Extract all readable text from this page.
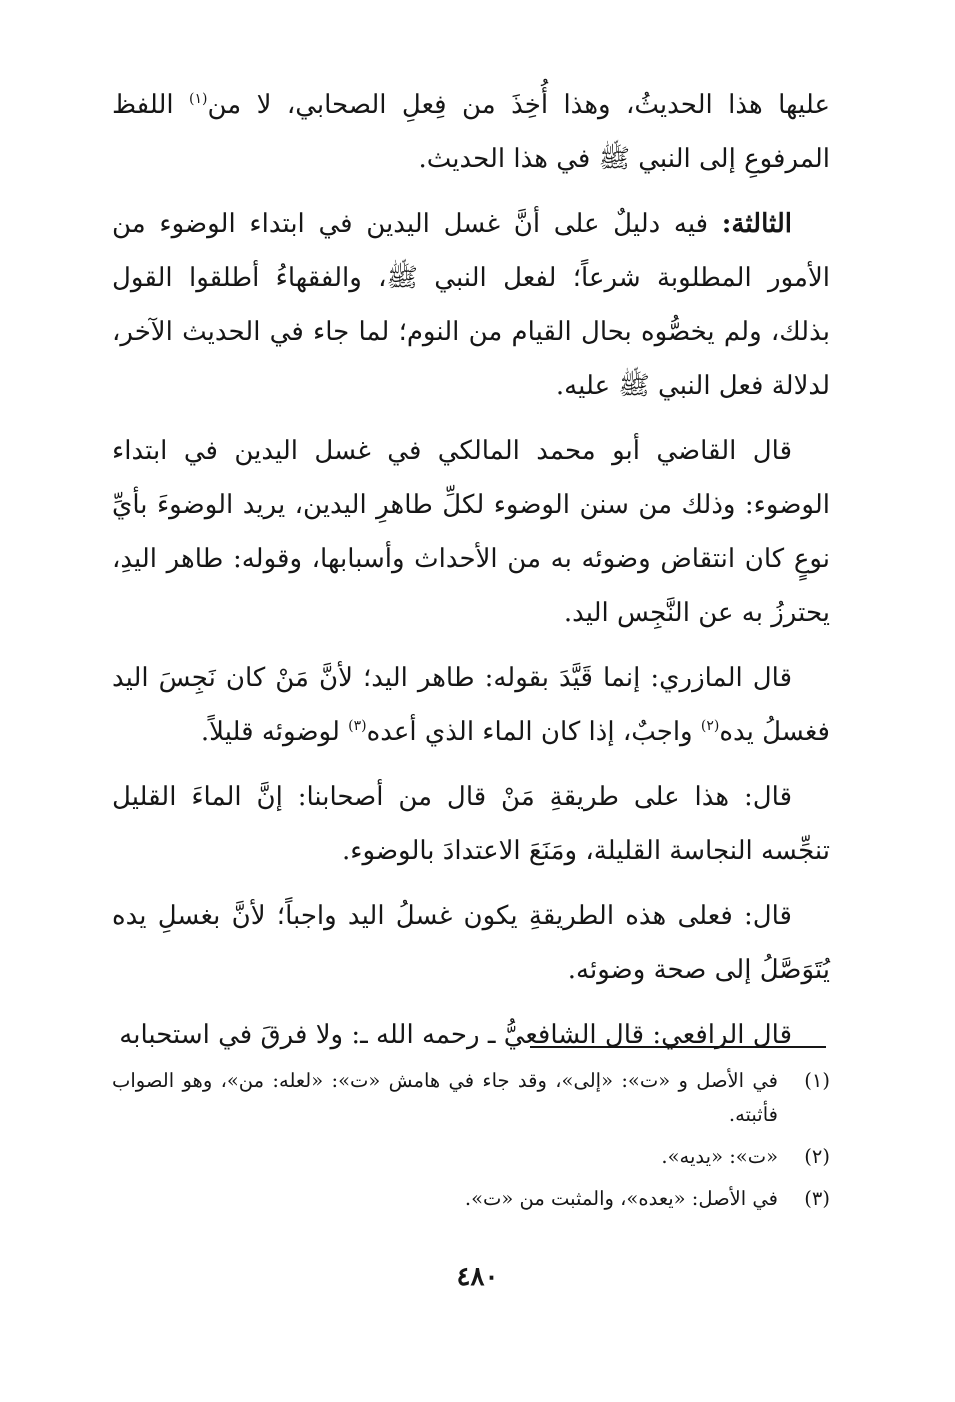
عليها هذا الحديثُ، وهذا أُخِذَ من فِعلِ الصحابي، لا من$^{(١)}$ اللفظ المرفوعِ إلى النبي ﷺ في هذا الحديث.

الثالثة: فيه دليلٌ على أنَّ غسل اليدين في ابتداء الوضوء من الأمور المطلوبة شرعاً؛ لفعل النبي ﷺ، والفقهاءُ أطلقوا القول بذلك، ولم يخصُّوه بحال القيام من النوم؛ لما جاء في الحديث الآخر، لدلالة فعل النبي ﷺ عليه.

قال القاضي أبو محمد المالكي في غسل اليدين في ابتداء الوضوء: وذلك من سنن الوضوء لكلِّ طاهرِ اليدين، يريد الوضوءَ بأيِّ نوعٍ كان انتقاض وضوئه به من الأحداث وأسبابها، وقوله: طاهر اليدِ، يحترزُ به عن النَّجِس اليد.

قال المازري: إنما قَيَّدَ بقوله: طاهر اليد؛ لأنَّ مَنْ كان نَجِسَ اليد فغسلُ يده$^{(٢)}$ واجبٌ، إذا كان الماء الذي أعده$^{(٣)}$ لوضوئه قليلاً.

قال: هذا على طريقةِ مَنْ قال من أصحابنا: إنَّ الماءَ القليل تنجِّسه النجاسة القليلة، ومَنَعَ الاعتدادَ بالوضوء.

قال: فعلى هذه الطريقةِ يكون غسلُ اليد واجباً؛ لأنَّ بغسلِ يده يُتَوَصَّلُ إلى صحة وضوئه.

قال الرافعي: قال الشافعيُّ ـ رحمه الله ـ: ولا فرقَ في استحبابه

(١)
في الأصل و «ت»: «إلى»، وقد جاء في هامش «ت»: «لعله: من»، وهو الصواب فأثبته.
(٢)
«ت»: «يديه».
(٣)
في الأصل: «يعده»، والمثبت من «ت».
٤٨٠
